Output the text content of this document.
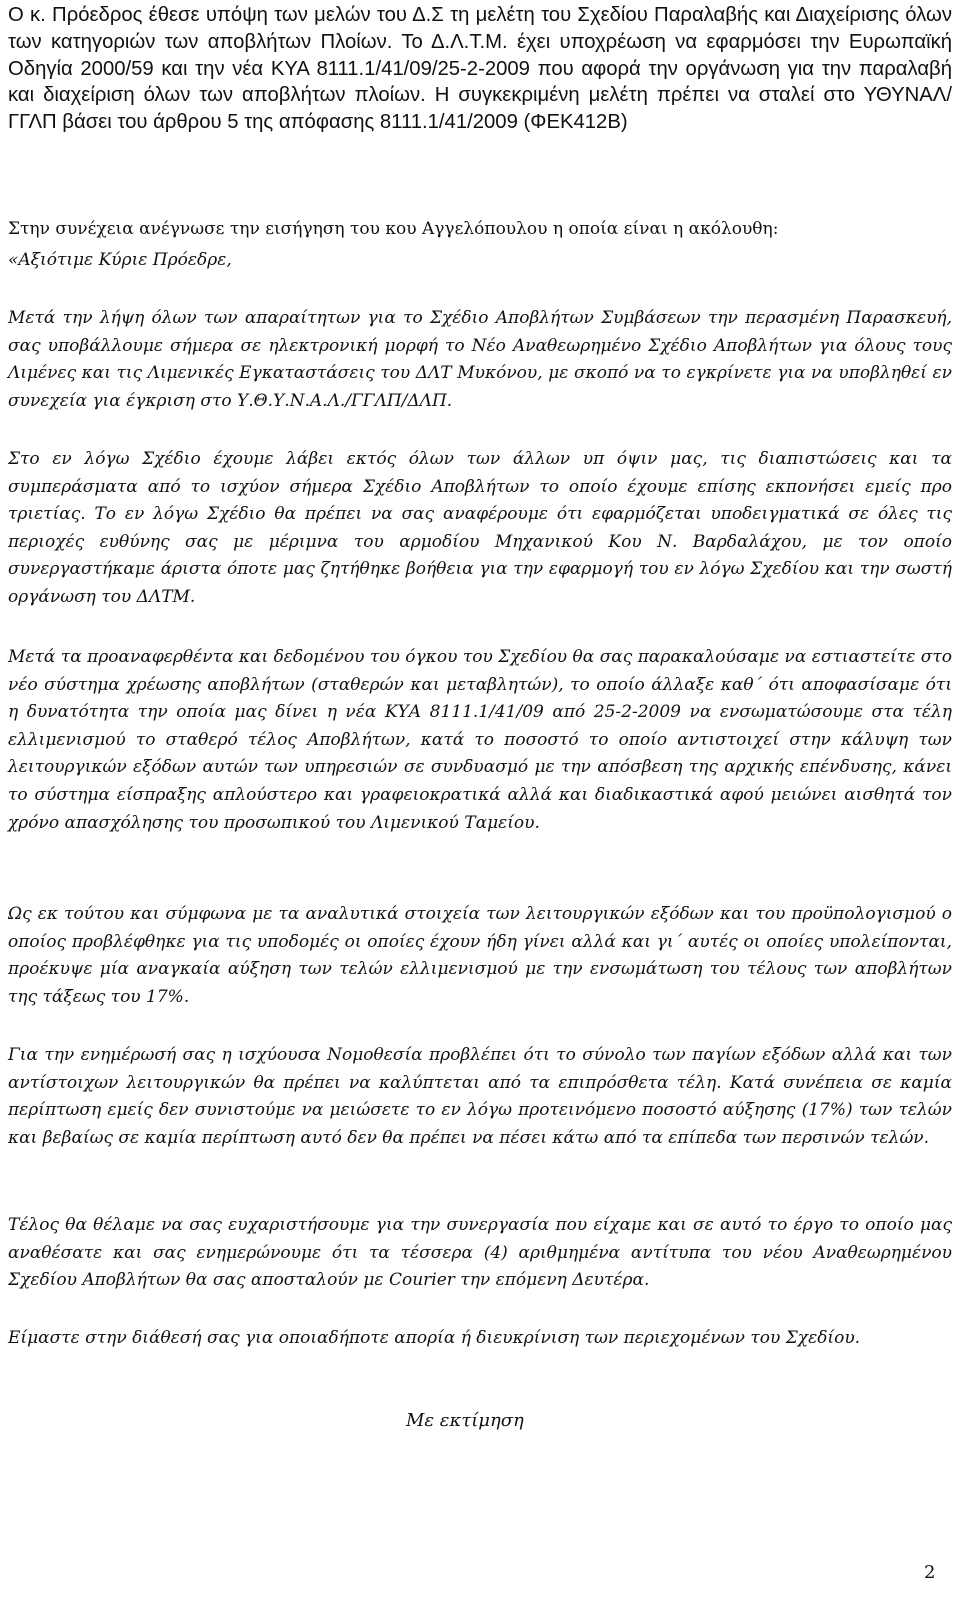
Ο κ. Πρόεδρος έθεσε υπόψη των μελών του Δ.Σ τη μελέτη του Σχεδίου Παραλαβής και Διαχείρισης όλων των κατηγοριών των αποβλήτων Πλοίων. Το Δ.Λ.Τ.Μ. έχει υποχρέωση να εφαρμόσει την Ευρωπαϊκή Οδηγία 2000/59 και την νέα ΚΥΑ 8111.1/41/09/25-2-2009 που αφορά την οργάνωση για την παραλαβή και διαχείριση όλων των αποβλήτων πλοίων. Η συγκεκριμένη μελέτη πρέπει να σταλεί στο ΥΘΥΝΑΛ/ΓΓΛΠ βάσει του άρθρου 5 της απόφασης 8111.1/41/2009 (ΦΕΚ412Β)

Στην συνέχεια ανέγνωσε την εισήγηση του κου Αγγελόπουλου η οποία είναι η ακόλουθη:

«Αξιότιμε Κύριε Πρόεδρε,

Μετά την λήψη όλων των απαραίτητων για το Σχέδιο Αποβλήτων Συμβάσεων την περασμένη Παρασκευή, σας υποβάλλουμε σήμερα σε ηλεκτρονική μορφή το Νέο Αναθεωρημένο Σχέδιο Αποβλήτων για όλους τους Λιμένες και τις Λιμενικές Εγκαταστάσεις του ΔΛΤ Μυκόνου, με σκοπό να το εγκρίνετε για να υποβληθεί εν συνεχεία για έγκριση στο Υ.Θ.Υ.Ν.Α.Λ./ΓΓΛΠ/ΔΛΠ.

Στο εν λόγω Σχέδιο έχουμε λάβει εκτός όλων των άλλων υπ όψιν μας, τις διαπιστώσεις και τα συμπεράσματα από το ισχύον σήμερα Σχέδιο Αποβλήτων το οποίο έχουμε επίσης εκπονήσει εμείς προ τριετίας. Το εν λόγω Σχέδιο θα πρέπει να σας αναφέρουμε ότι εφαρμόζεται υποδειγματικά σε όλες τις περιοχές ευθύνης σας με μέριμνα του αρμοδίου Μηχανικού Κου Ν. Βαρδαλάχου, με τον οποίο συνεργαστήκαμε άριστα όποτε μας ζητήθηκε βοήθεια για την εφαρμογή του εν λόγω Σχεδίου και την σωστή οργάνωση του ΔΛΤΜ.

Μετά τα προαναφερθέντα και δεδομένου του όγκου του Σχεδίου θα σας παρακαλούσαμε να εστιαστείτε στο νέο σύστημα χρέωσης αποβλήτων (σταθερών και μεταβλητών), το οποίο άλλαξε καθ΄ ότι αποφασίσαμε ότι η δυνατότητα την οποία μας δίνει η νέα ΚΥΑ 8111.1/41/09 από 25-2-2009 να ενσωματώσουμε στα τέλη ελλιμενισμού το σταθερό τέλος Αποβλήτων, κατά το ποσοστό το οποίο αντιστοιχεί στην κάλυψη των λειτουργικών εξόδων αυτών των υπηρεσιών σε συνδυασμό με την απόσβεση της αρχικής επένδυσης, κάνει το σύστημα είσπραξης απλούστερο και γραφειοκρατικά αλλά και διαδικαστικά αφού μειώνει αισθητά τον χρόνο απασχόλησης του προσωπικού του Λιμενικού Ταμείου.

Ως εκ τούτου και σύμφωνα με τα αναλυτικά στοιχεία των λειτουργικών εξόδων και του προϋπολογισμού ο οποίος προβλέφθηκε για τις υποδομές οι οποίες έχουν ήδη γίνει αλλά και γι΄ αυτές οι οποίες υπολείπονται, προέκυψε μία αναγκαία αύξηση των τελών ελλιμενισμού με την ενσωμάτωση του τέλους των αποβλήτων της τάξεως του 17%.

Για την ενημέρωσή σας η ισχύουσα Νομοθεσία προβλέπει ότι το σύνολο των παγίων εξόδων αλλά και των αντίστοιχων λειτουργικών θα πρέπει να καλύπτεται από τα επιπρόσθετα τέλη. Κατά συνέπεια σε καμία περίπτωση εμείς δεν συνιστούμε να μειώσετε το εν λόγω προτεινόμενο ποσοστό αύξησης (17%) των τελών και βεβαίως σε καμία περίπτωση αυτό δεν θα πρέπει να πέσει κάτω από τα επίπεδα των περσινών τελών.

Τέλος θα θέλαμε να σας ευχαριστήσουμε για την συνεργασία που είχαμε και σε αυτό το έργο το οποίο μας αναθέσατε και σας ενημερώνουμε ότι τα τέσσερα (4) αριθμημένα αντίτυπα του νέου Αναθεωρημένου Σχεδίου Αποβλήτων θα σας αποσταλούν με Courier την επόμενη Δευτέρα.

Είμαστε στην διάθεσή σας για οποιαδήποτε απορία ή διευκρίνιση των περιεχομένων του Σχεδίου.

Με εκτίμηση

2
